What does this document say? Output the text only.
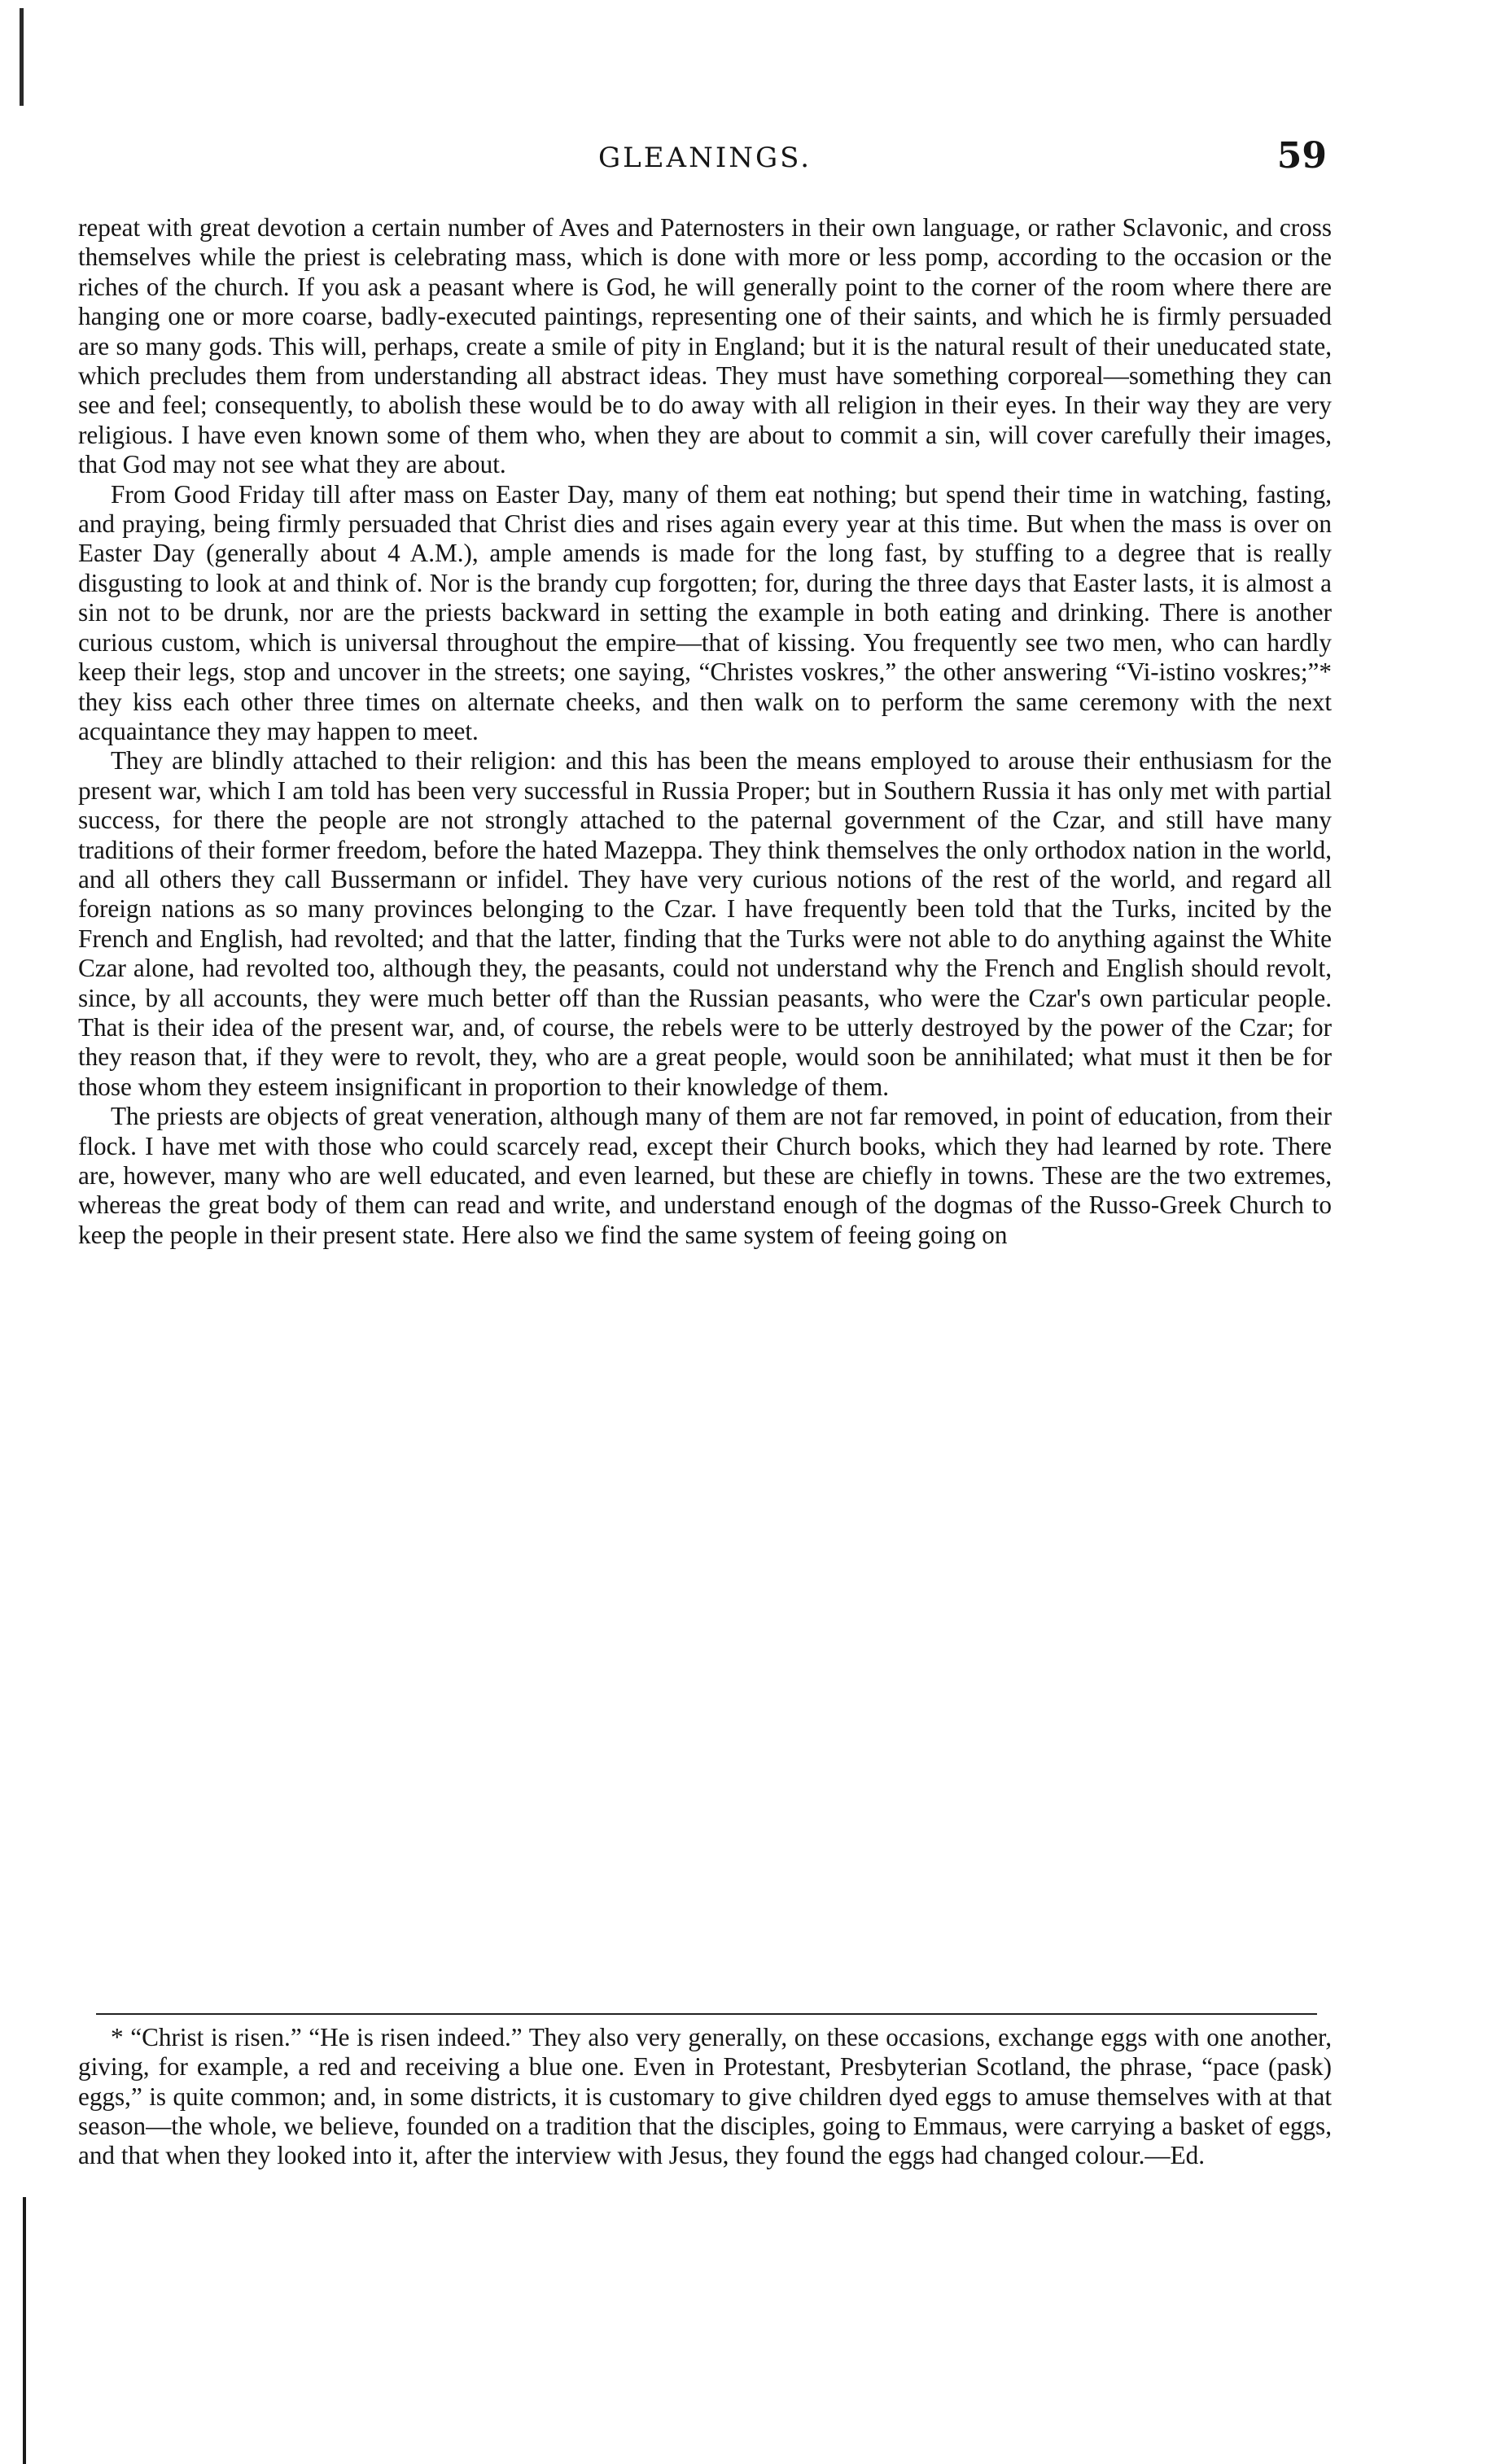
GLEANINGS.	59

repeat with great devotion a certain number of Aves and Paternosters in their own language, or rather Sclavonic, and cross themselves while the priest is celebrating mass, which is done with more or less pomp, according to the occasion or the riches of the church. If you ask a peasant where is God, he will generally point to the corner of the room where there are hanging one or more coarse, badly-executed paintings, representing one of their saints, and which he is firmly persuaded are so many gods. This will, perhaps, create a smile of pity in England; but it is the natural result of their uneducated state, which precludes them from understanding all abstract ideas. They must have something corporeal—something they can see and feel; consequently, to abolish these would be to do away with all religion in their eyes. In their way they are very religious. I have even known some of them who, when they are about to commit a sin, will cover carefully their images, that God may not see what they are about.

From Good Friday till after mass on Easter Day, many of them eat nothing; but spend their time in watching, fasting, and praying, being firmly persuaded that Christ dies and rises again every year at this time. But when the mass is over on Easter Day (generally about 4 A.M.), ample amends is made for the long fast, by stuffing to a degree that is really disgusting to look at and think of. Nor is the brandy cup forgotten; for, during the three days that Easter lasts, it is almost a sin not to be drunk, nor are the priests backward in setting the example in both eating and drinking. There is another curious custom, which is universal throughout the empire—that of kissing. You frequently see two men, who can hardly keep their legs, stop and uncover in the streets; one saying, “Christes voskres,” the other answering “Vi-istino voskres;”* they kiss each other three times on alternate cheeks, and then walk on to perform the same ceremony with the next acquaintance they may happen to meet.

They are blindly attached to their religion: and this has been the means employed to arouse their enthusiasm for the present war, which I am told has been very successful in Russia Proper; but in Southern Russia it has only met with partial success, for there the people are not strongly attached to the paternal government of the Czar, and still have many traditions of their former freedom, before the hated Mazeppa. They think themselves the only orthodox nation in the world, and all others they call Bussermann or infidel. They have very curious notions of the rest of the world, and regard all foreign nations as so many provinces belonging to the Czar. I have frequently been told that the Turks, incited by the French and English, had revolted; and that the latter, finding that the Turks were not able to do anything against the White Czar alone, had revolted too, although they, the peasants, could not understand why the French and English should revolt, since, by all accounts, they were much better off than the Russian peasants, who were the Czar's own particular people. That is their idea of the present war, and, of course, the rebels were to be utterly destroyed by the power of the Czar; for they reason that, if they were to revolt, they, who are a great people, would soon be annihilated; what must it then be for those whom they esteem insignificant in proportion to their knowledge of them.

The priests are objects of great veneration, although many of them are not far removed, in point of education, from their flock. I have met with those who could scarcely read, except their Church books, which they had learned by rote. There are, however, many who are well educated, and even learned, but these are chiefly in towns. These are the two extremes, whereas the great body of them can read and write, and understand enough of the dogmas of the Russo-Greek Church to keep the people in their present state. Here also we find the same system of feeing going on

* “Christ is risen.” “He is risen indeed.” They also very generally, on these occasions, exchange eggs with one another, giving, for example, a red and receiving a blue one. Even in Protestant, Presbyterian Scotland, the phrase, “pace (pask) eggs,” is quite common; and, in some districts, it is customary to give children dyed eggs to amuse themselves with at that season—the whole, we believe, founded on a tradition that the disciples, going to Emmaus, were carrying a basket of eggs, and that when they looked into it, after the interview with Jesus, they found the eggs had changed colour.—Ed.
